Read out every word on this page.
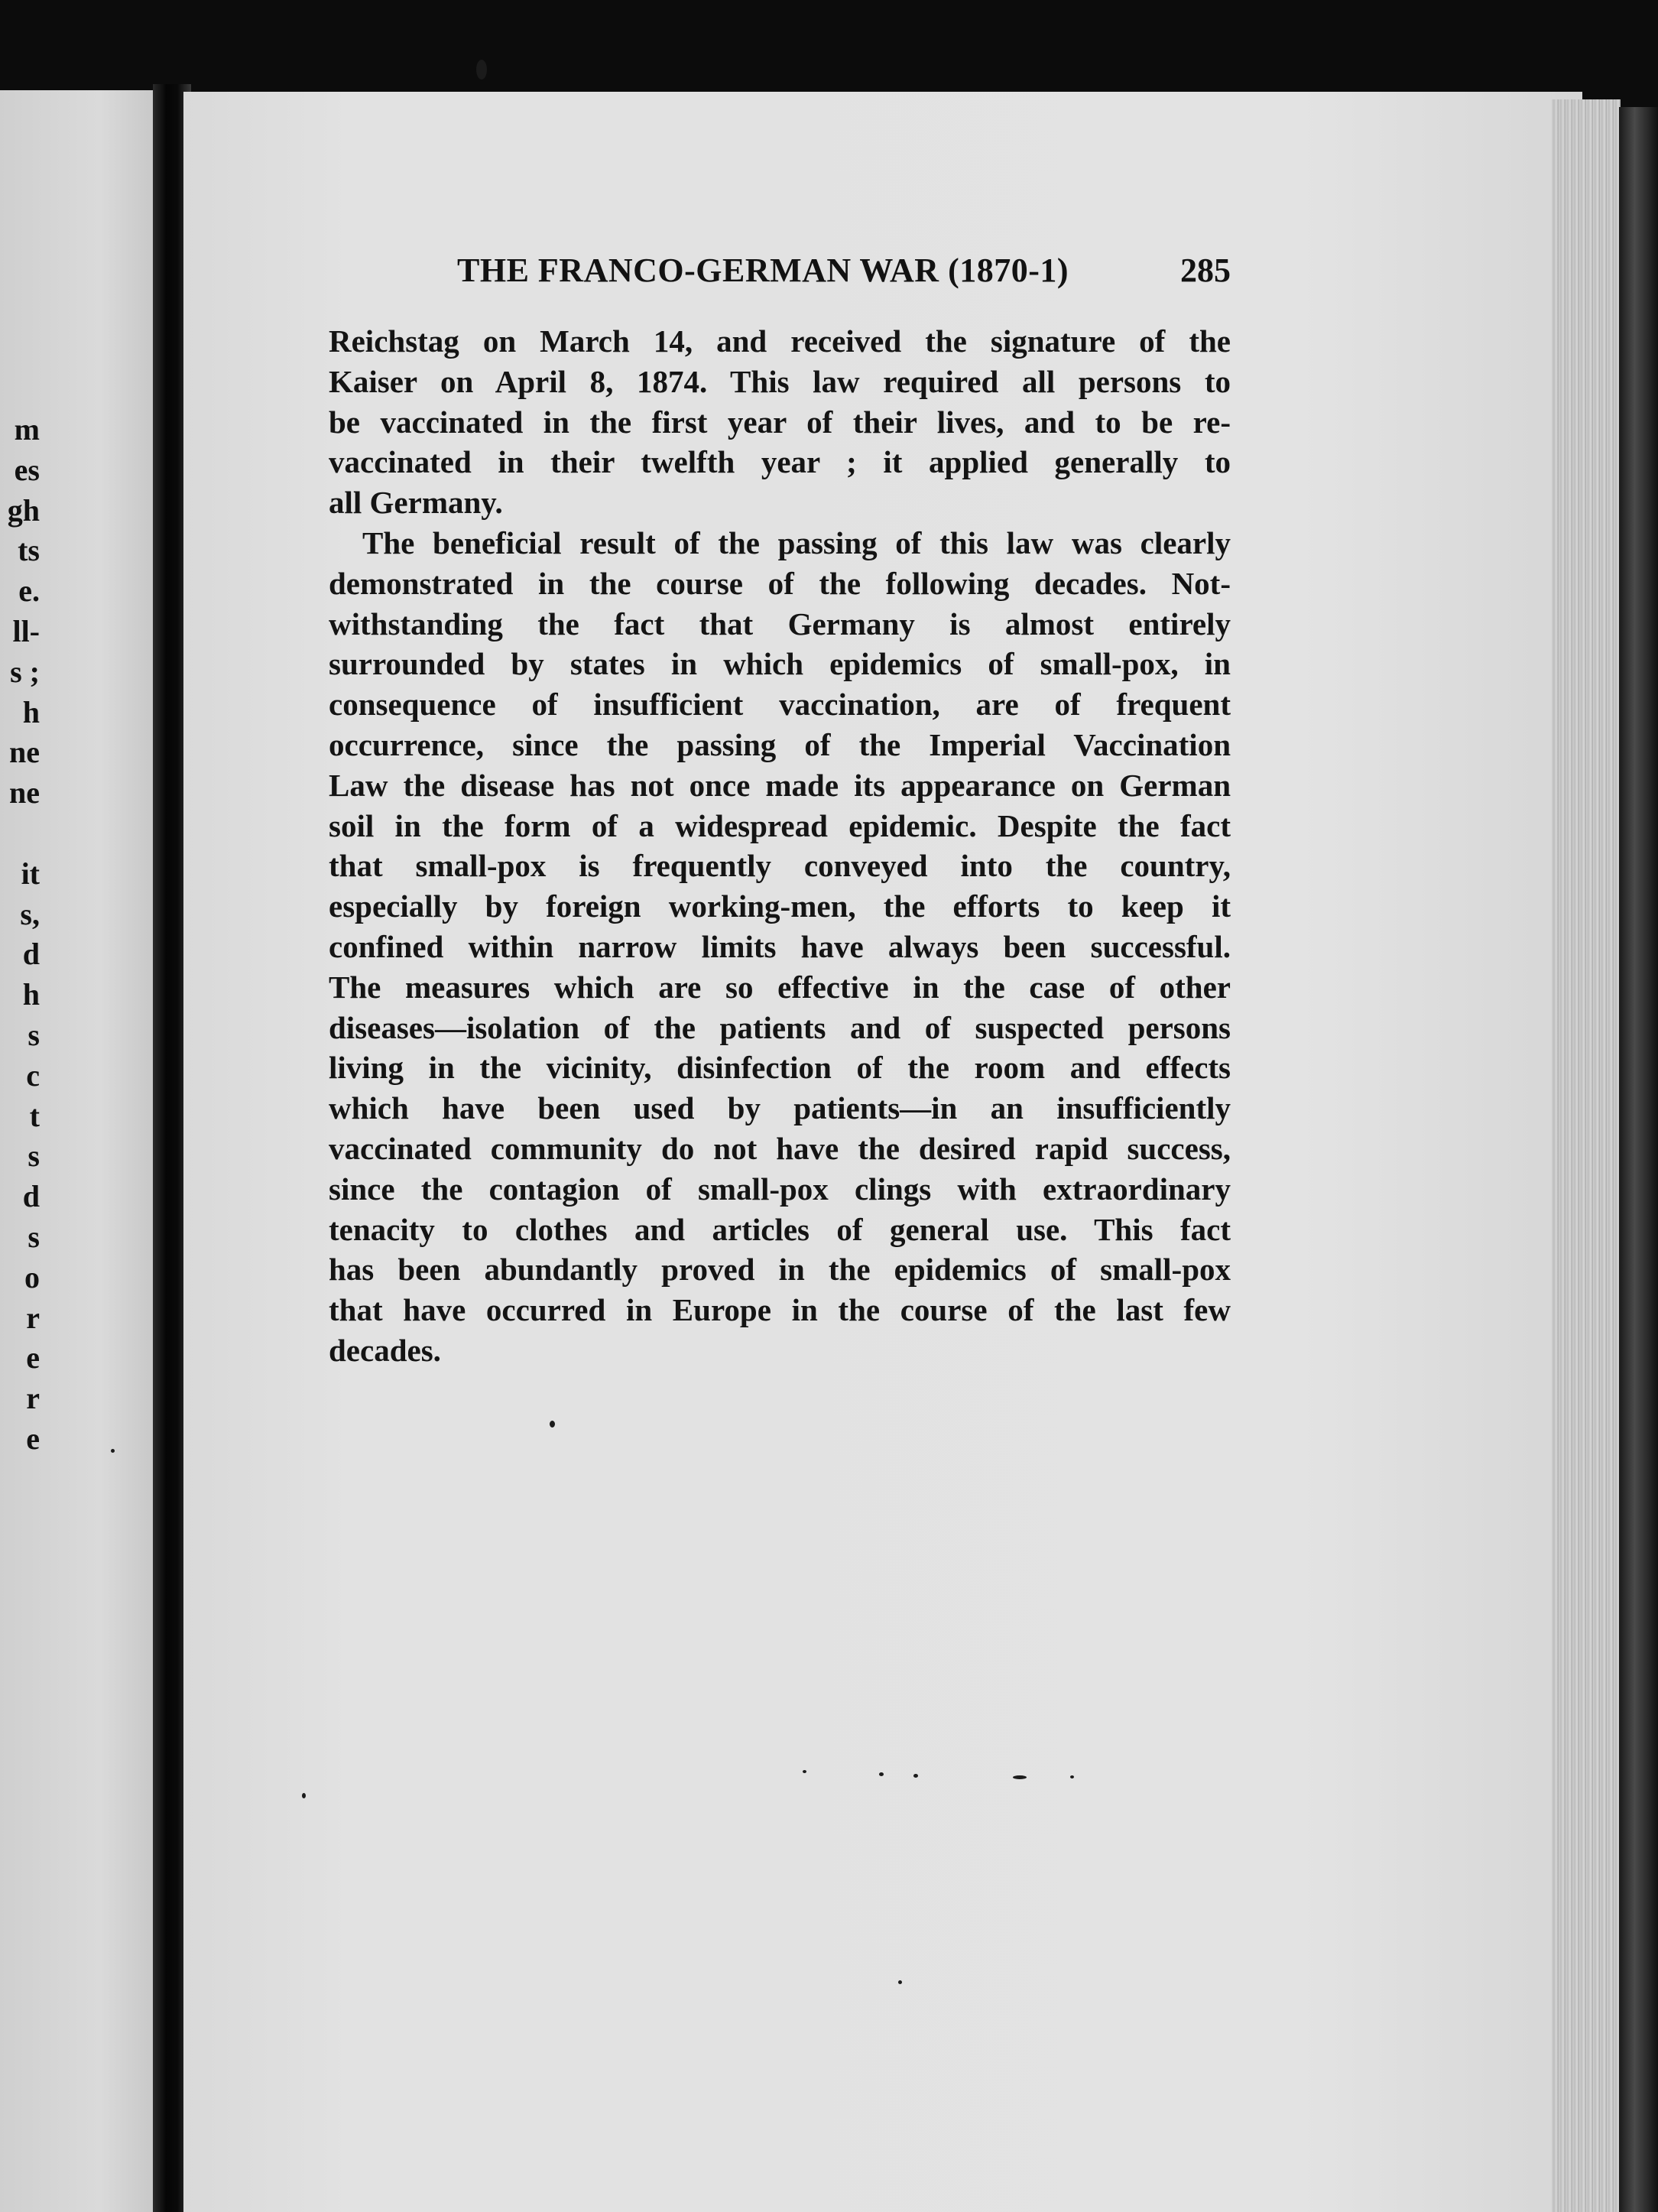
m
es
gh
ts
e.
ll-
s ;
h
ne
ne
it
s,
d
h
s
c
t
s
d
s
o
r
e
r
e
THE FRANCO-GERMAN WAR (1870-1)	285
Reichstag on March 14, and received the signature of the
Kaiser on April 8, 1874. This law required all persons to
be vaccinated in the first year of their lives, and to be re-
vaccinated in their twelfth year ; it applied generally to
all Germany.
The beneficial result of the passing of this law was clearly
demonstrated in the course of the following decades. Not-
withstanding the fact that Germany is almost entirely
surrounded by states in which epidemics of small-pox, in
consequence of insufficient vaccination, are of frequent
occurrence, since the passing of the Imperial Vaccination
Law the disease has not once made its appearance on German
soil in the form of a widespread epidemic. Despite the fact
that small-pox is frequently conveyed into the country,
especially by foreign working-men, the efforts to keep it
confined within narrow limits have always been successful.
The measures which are so effective in the case of other
diseases—isolation of the patients and of suspected persons
living in the vicinity, disinfection of the room and effects
which have been used by patients—in an insufficiently
vaccinated community do not have the desired rapid success,
since the contagion of small-pox clings with extraordinary
tenacity to clothes and articles of general use. This fact
has been abundantly proved in the epidemics of small-pox
that have occurred in Europe in the course of the last few
decades.
